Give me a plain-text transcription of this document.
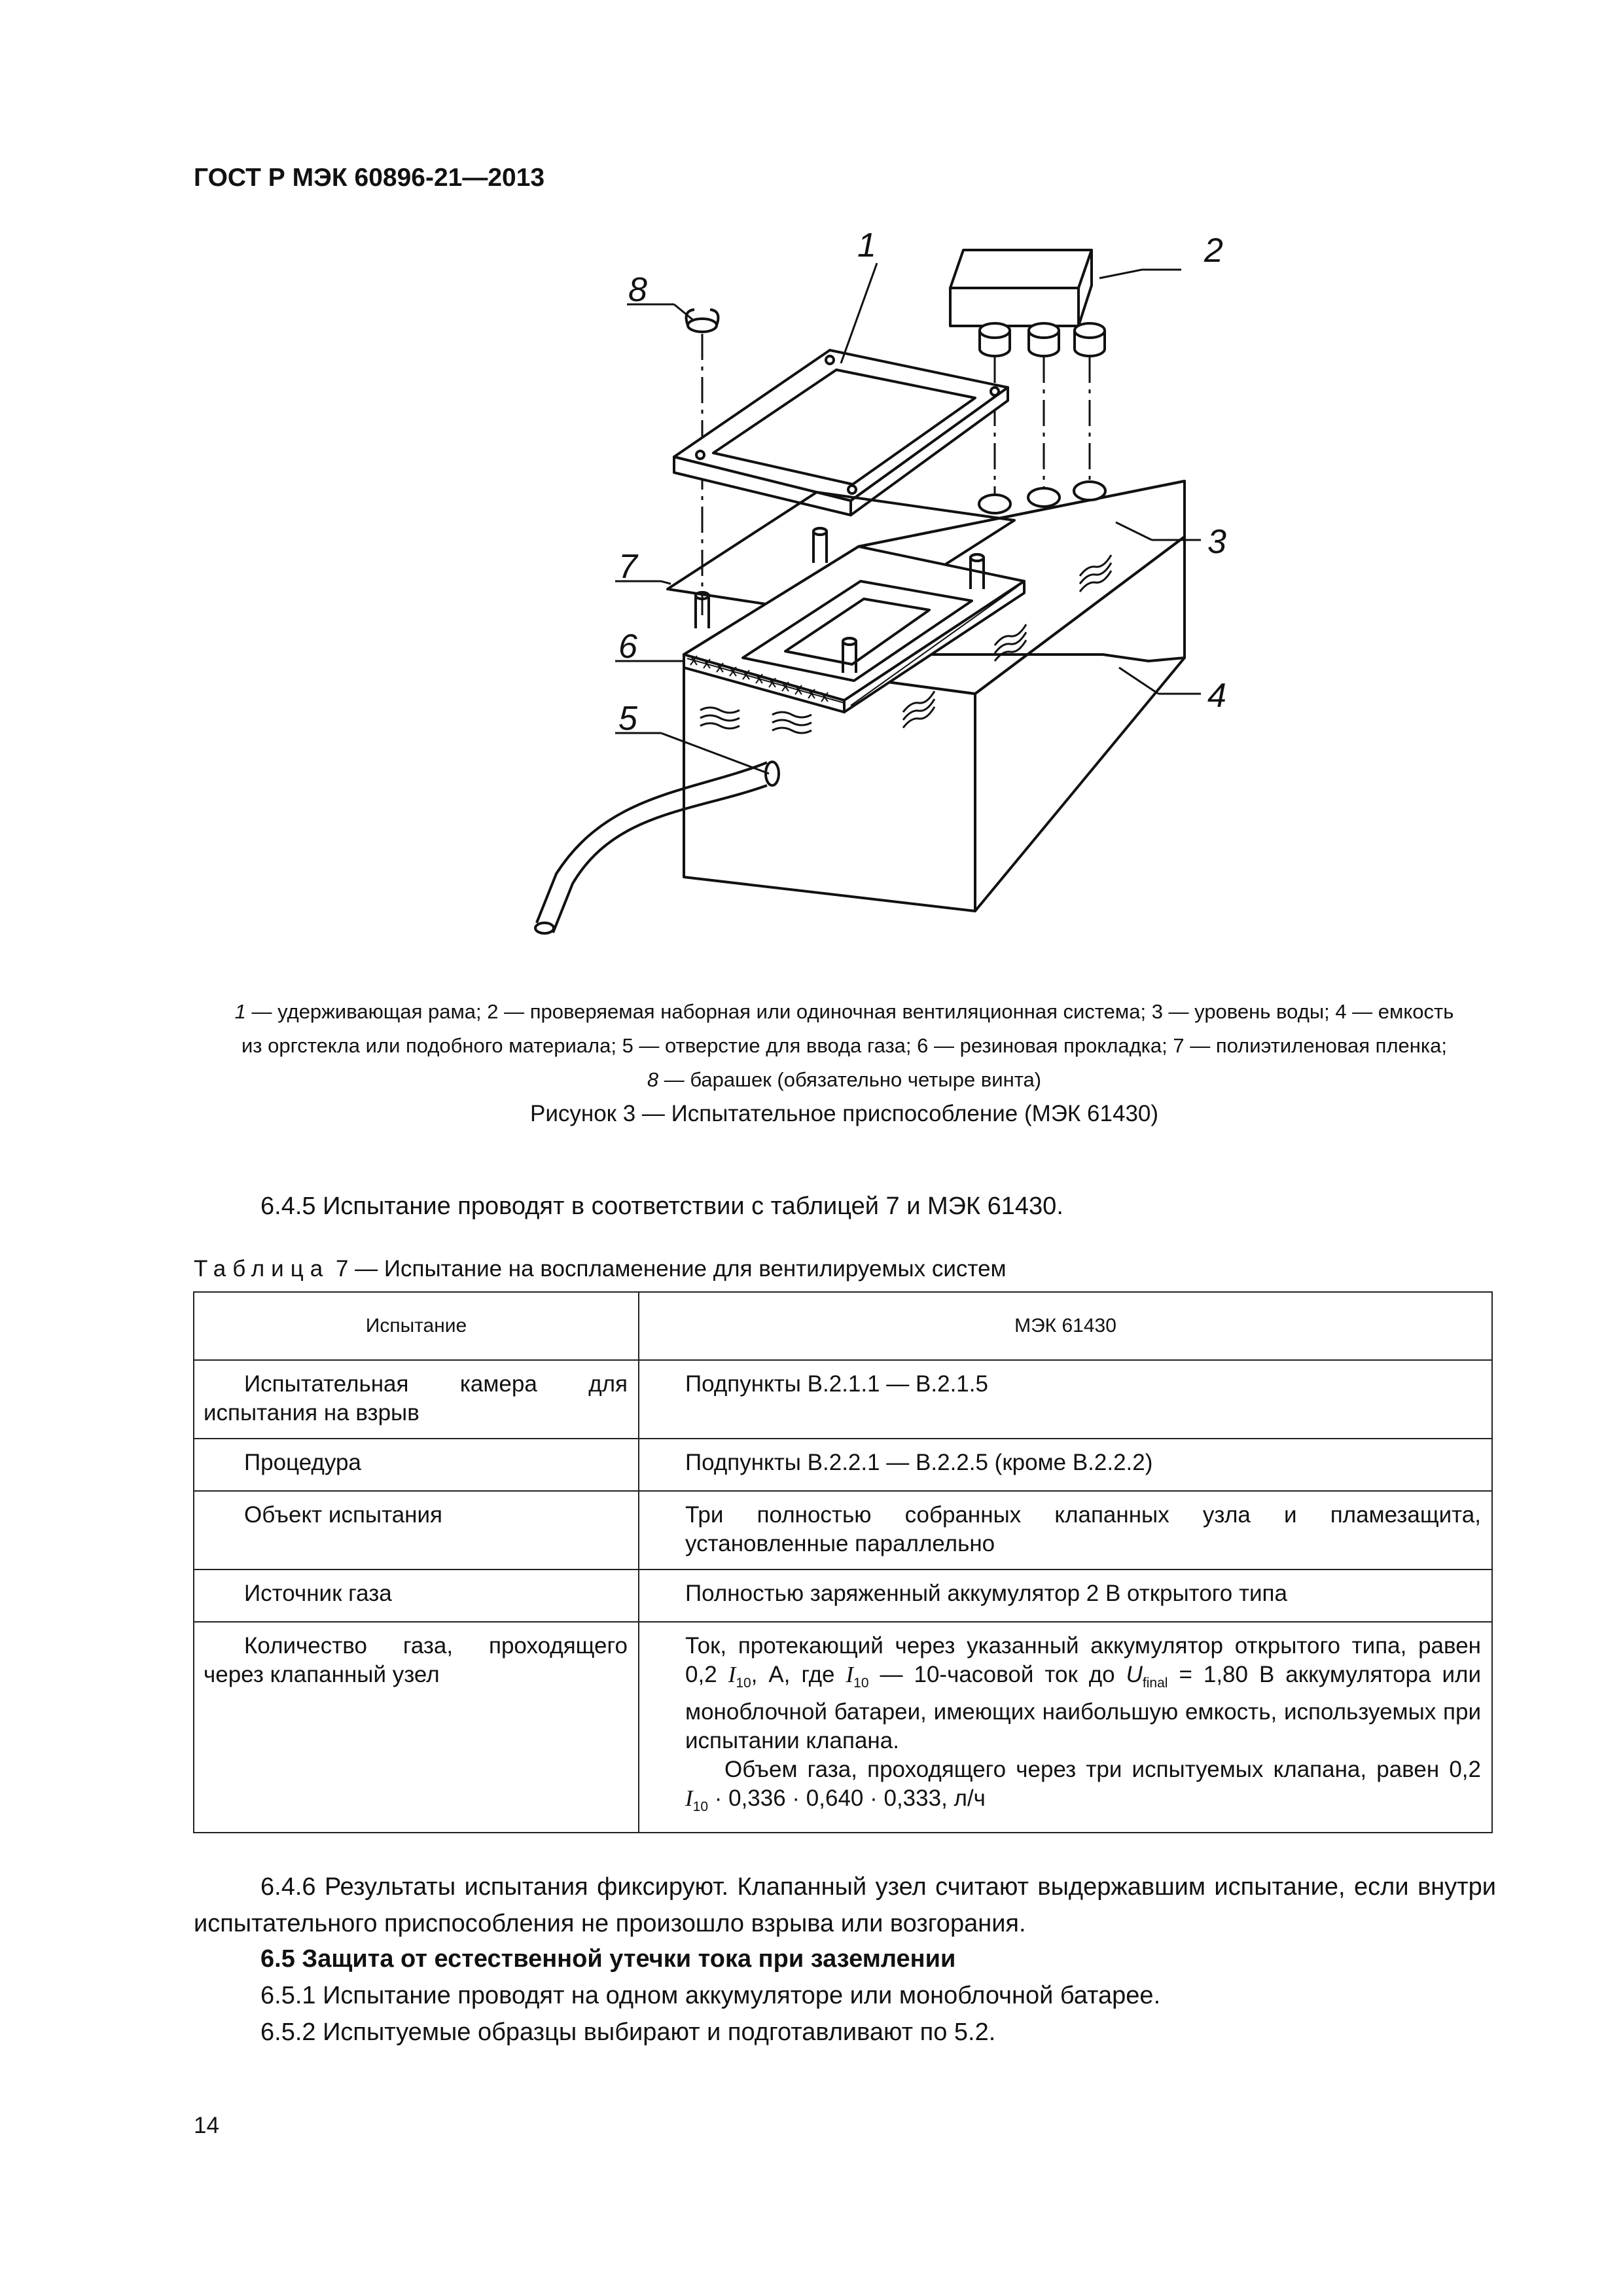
ГОСТ Р МЭК 60896-21—2013
1	2
3
4
5
6
7
8
1 — удерживающая рама; 2 — проверяемая наборная или одиночная вентиляционная система; 3 — уровень воды; 4 — емкость
из оргстекла или подобного материала; 5 — отверстие для ввода газа; 6 — резиновая прокладка; 7 — полиэтиленовая пленка;
8 — барашек (обязательно четыре винта)
Рисунок 3 — Испытательное приспособление (МЭК 61430)
6.4.5 Испытание проводят в соответствии с таблицей 7 и МЭК 61430.
Таблица 7 — Испытание на воспламенение для вентилируемых систем
Испытание	МЭК 61430
Испытательная камера для испытания на взрыв	Подпункты B.2.1.1 — B.2.1.5
Процедура	Подпункты B.2.2.1 — B.2.2.5 (кроме B.2.2.2)
Объект испытания	Три полностью собранных клапанных узла и пламезащита, установленные параллельно
Источник газа	Полностью заряженный аккумулятор 2 В открытого типа
Количество газа, проходящего через клапанный узел	Ток, протекающий через указанный аккумулятор открытого типа, равен 0,2 $I_{10}$, А, где $I_{10}$ — 10-часовой ток до $U_{final} = 1,80$ В аккумулятора или моноблочной батареи, имеющих наибольшую емкость, используемых при испытании клапана.
Объем газа, проходящего через три испытуемых клапана, равен 0,2 $I_{10} \cdot 0,336 \cdot 0,640 \cdot 0,333$, л/ч
6.4.6 Результаты испытания фиксируют. Клапанный узел считают выдержавшим испытание, если внутри испытательного приспособления не произошло взрыва или возгорания.
6.5 Защита от естественной утечки тока при заземлении
6.5.1 Испытание проводят на одном аккумуляторе или моноблочной батарее.
6.5.2 Испытуемые образцы выбирают и подготавливают по 5.2.
14
